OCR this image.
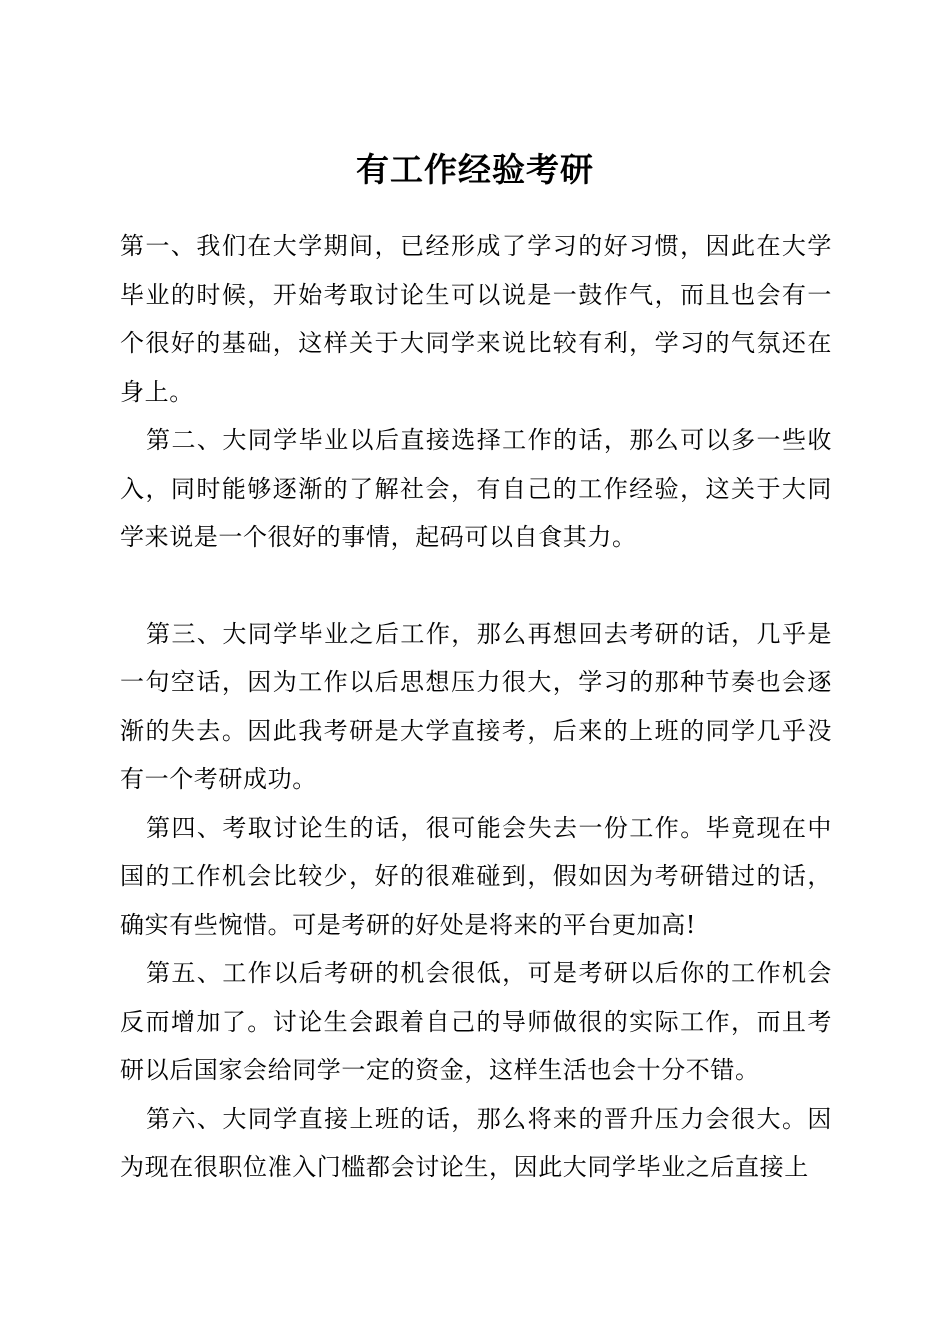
有工作经验考研

第一、我们在大学期间，已经形成了学习的好习惯，因此在大学毕业的时候，开始考取讨论生可以说是一鼓作气，而且也会有一个很好的基础，这样关于大同学来说比较有利，学习的气氛还在身上。

第二、大同学毕业以后直接选择工作的话，那么可以多一些收入，同时能够逐渐的了解社会，有自己的工作经验，这关于大同学来说是一个很好的事情，起码可以自食其力。

第三、大同学毕业之后工作，那么再想回去考研的话，几乎是一句空话，因为工作以后思想压力很大，学习的那种节奏也会逐渐的失去。因此我考研是大学直接考，后来的上班的同学几乎没有一个考研成功。

第四、考取讨论生的话，很可能会失去一份工作。毕竟现在中国的工作机会比较少，好的很难碰到，假如因为考研错过的话，确实有些惋惜。可是考研的好处是将来的平台更加高!

第五、工作以后考研的机会很低，可是考研以后你的工作机会反而增加了。讨论生会跟着自己的导师做很的实际工作，而且考研以后国家会给同学一定的资金，这样生活也会十分不错。

第六、大同学直接上班的话，那么将来的晋升压力会很大。因为现在很职位准入门槛都会讨论生，因此大同学毕业之后直接上
